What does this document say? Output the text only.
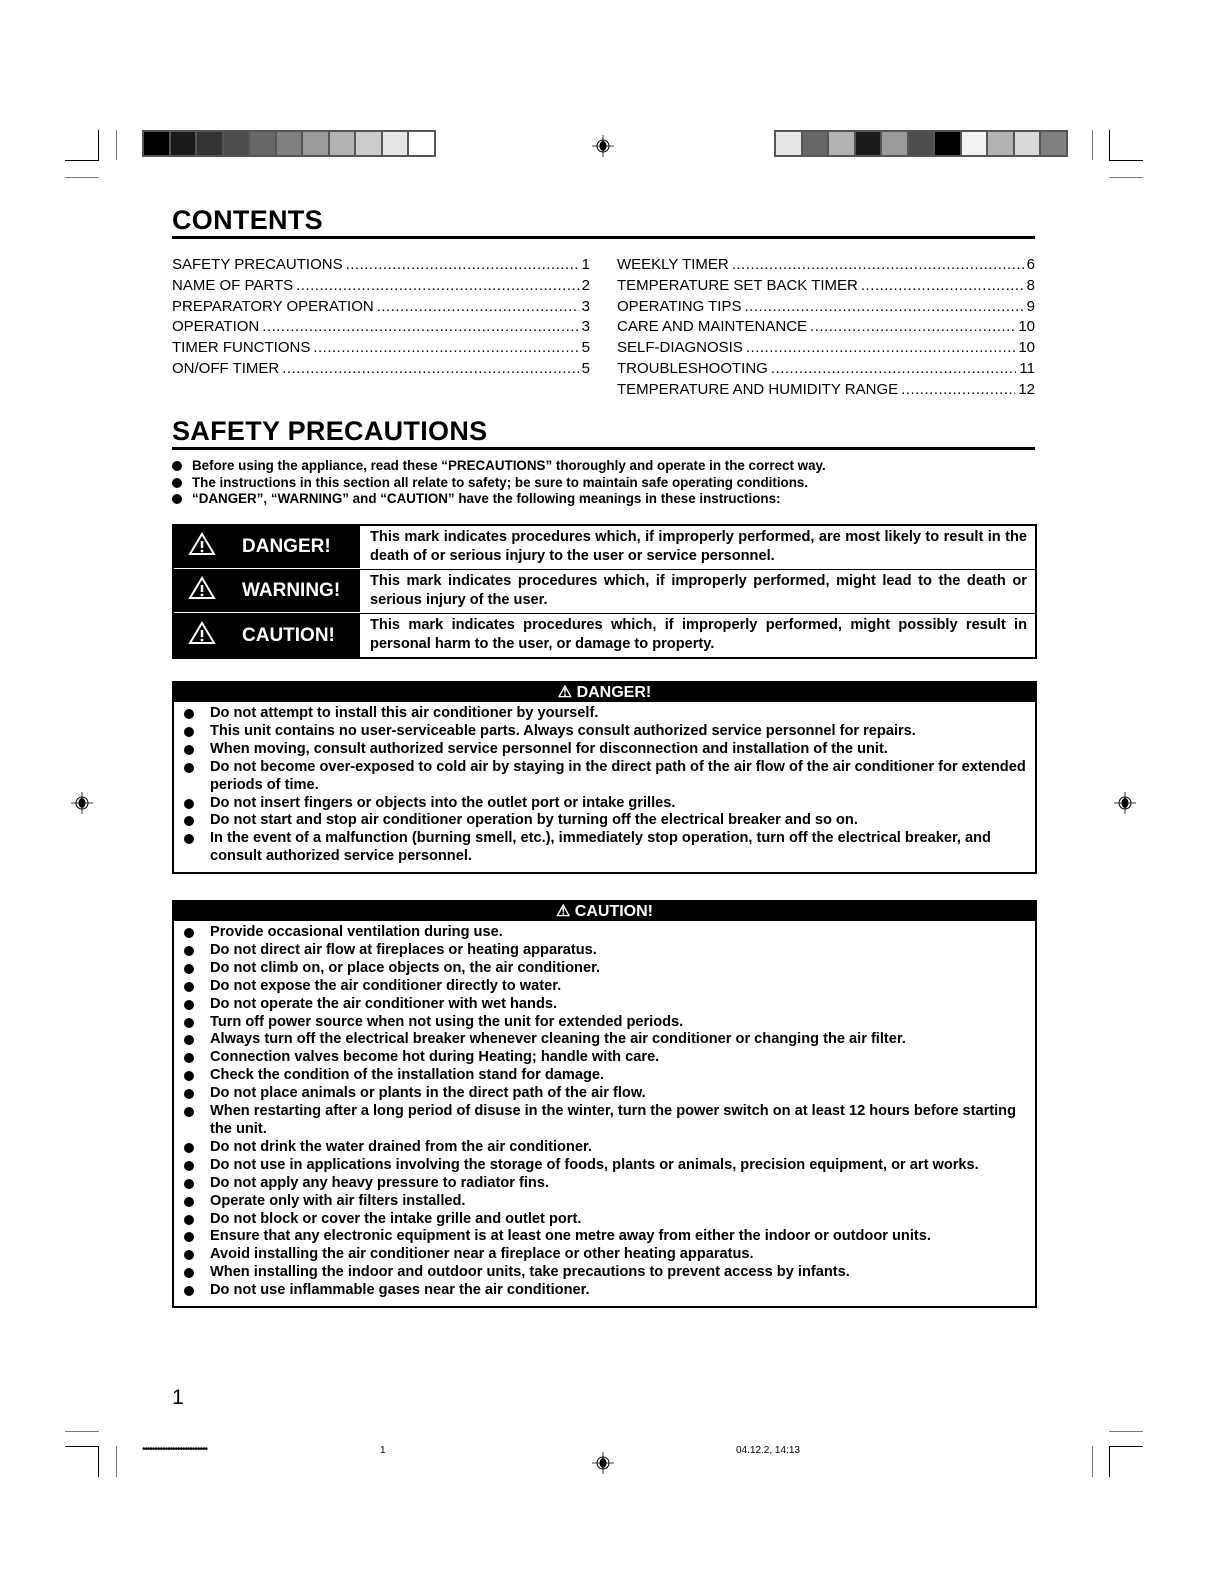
CONTENTS
SAFETY PRECAUTIONS .....	1
NAME OF PARTS .....	2
PREPARATORY OPERATION .....	3
OPERATION .....	3
TIMER FUNCTIONS .....	5
ON/OFF TIMER .....	5
WEEKLY TIMER .....	6
TEMPERATURE SET BACK TIMER .....	8
OPERATING TIPS .....	9
CARE AND MAINTENANCE .....	10
SELF-DIAGNOSIS .....	10
TROUBLESHOOTING .....	11
TEMPERATURE AND HUMIDITY RANGE .....	12
SAFETY PRECAUTIONS
Before using the appliance, read these “PRECAUTIONS” thoroughly and operate in the correct way.
The instructions in this section all relate to safety; be sure to maintain safe operating conditions.
“DANGER”, “WARNING” and “CAUTION” have the following meanings in these instructions:
DANGER!	This mark indicates procedures which, if improperly performed, are most likely to result in the death of or serious injury to the user or service personnel.
WARNING!	This mark indicates procedures which, if improperly performed, might lead to the death or serious injury of the user.
CAUTION!	This mark indicates procedures which, if improperly performed, might possibly result in personal harm to the user, or damage to property.
⚠ DANGER!
Do not attempt to install this air conditioner by yourself.
This unit contains no user-serviceable parts. Always consult authorized service personnel for repairs.
When moving, consult authorized service personnel for disconnection and installation of the unit.
Do not become over-exposed to cold air by staying in the direct path of the air flow of the air conditioner for extended periods of time.
Do not insert fingers or objects into the outlet port or intake grilles.
Do not start and stop air conditioner operation by turning off the electrical breaker and so on.
In the event of a malfunction (burning smell, etc.), immediately stop operation, turn off the electrical breaker, and consult authorized service personnel.
⚠ CAUTION!
Provide occasional ventilation during use.
Do not direct air flow at fireplaces or heating apparatus.
Do not climb on, or place objects on, the air conditioner.
Do not expose the air conditioner directly to water.
Do not operate the air conditioner with wet hands.
Turn off power source when not using the unit for extended periods.
Always turn off the electrical breaker whenever cleaning the air conditioner or changing the air filter.
Connection valves become hot during Heating; handle with care.
Check the condition of the installation stand for damage.
Do not place animals or plants in the direct path of the air flow.
When restarting after a long period of disuse in the winter, turn the power switch on at least 12 hours before starting the unit.
Do not drink the water drained from the air conditioner.
Do not use in applications involving the storage of foods, plants or animals, precision equipment, or art works.
Do not apply any heavy pressure to radiator fins.
Operate only with air filters installed.
Do not block or cover the intake grille and outlet port.
Ensure that any electronic equipment is at least one metre away from either the indoor or outdoor units.
Avoid installing the air conditioner near a fireplace or other heating apparatus.
When installing the indoor and outdoor units, take precautions to prevent access by infants.
Do not use inflammable gases near the air conditioner.
1
••••••••••••••••••••••••••	1	04.12.2, 14:13
